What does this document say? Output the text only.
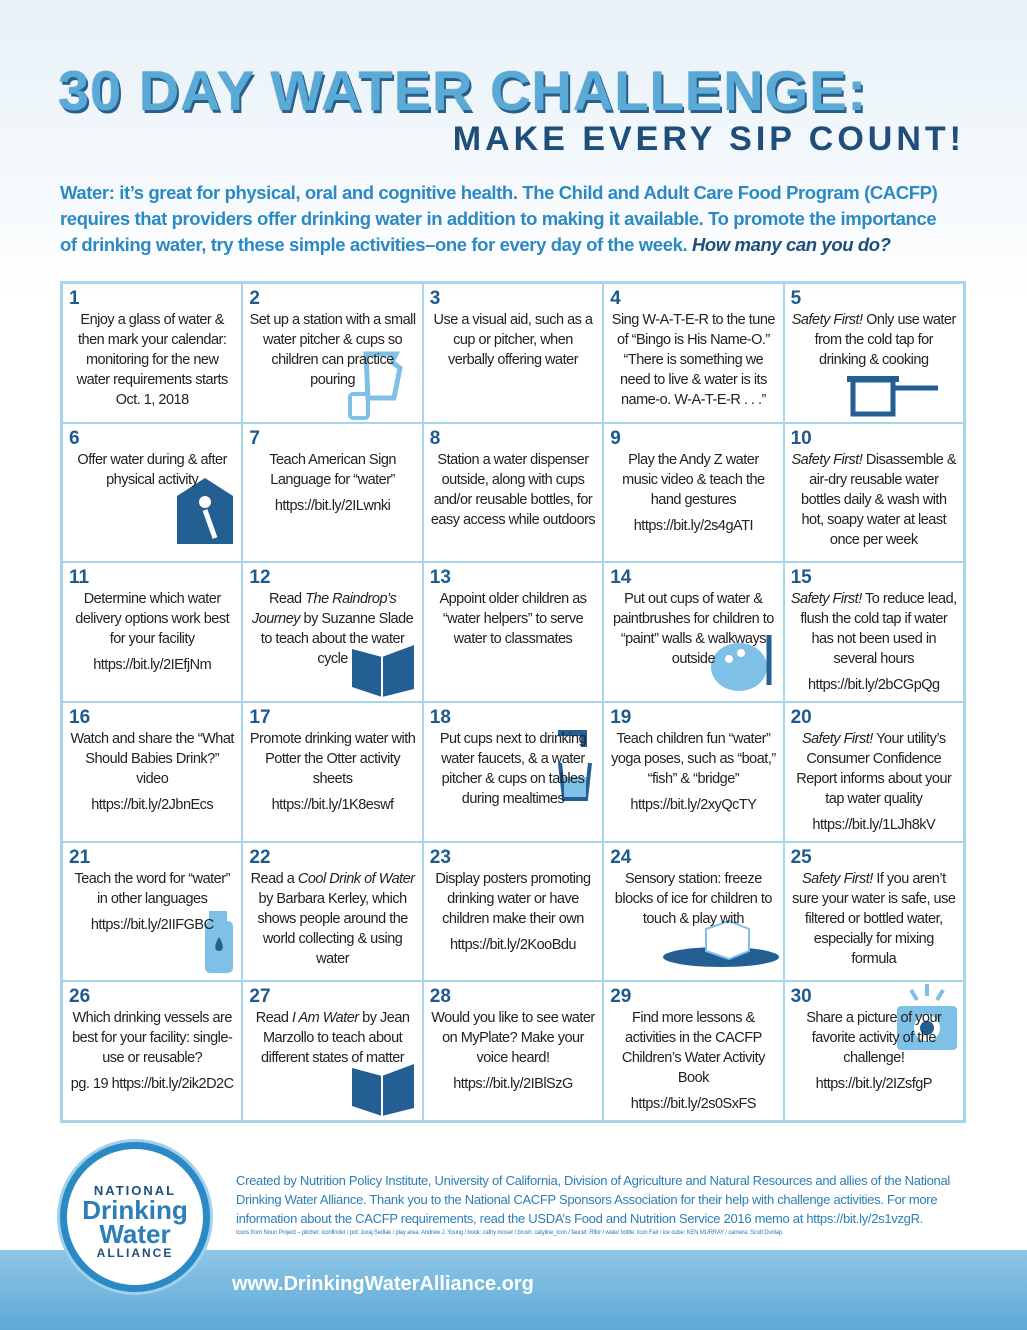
30 DAY WATER CHALLENGE:
MAKE EVERY SIP COUNT!

Water: it’s great for physical, oral and cognitive health. The Child and Adult Care Food Program (CACFP) requires that providers offer drinking water in addition to making it available. To promote the importance of drinking water, try these simple activities–one for every day of the week. How many can you do?

1
Enjoy a glass of water & then mark your calendar: monitoring for the new water requirements starts Oct. 1, 2018
2
Set up a station with a small water pitcher & cups so children can practice pouring
3
Use a visual aid, such as a cup or pitcher, when verbally offering water
4
Sing W-A-T-E-R to the tune of “Bingo is His Name-O.” “There is something we need to live & water is its name-o. W-A-T-E-R . . .”
5
Safety First! Only use water from the cold tap for drinking & cooking
6
Offer water during & after physical activity
7
Teach American Sign Language for “water”
https://bit.ly/2ILwnki
8
Station a water dispenser outside, along with cups and/or reusable bottles, for easy access while outdoors
9
Play the Andy Z water music video & teach the hand gestures
https://bit.ly/2s4gATI
10
Safety First! Disassemble & air-dry reusable water bottles daily & wash with hot, soapy water at least once per week
11
Determine which water delivery options work best for your facility
https://bit.ly/2IEfjNm
12
Read The Raindrop’s Journey by Suzanne Slade to teach about the water cycle
13
Appoint older children as “water helpers” to serve water to classmates
14
Put out cups of water & paintbrushes for children to “paint” walls & walkways outside
15
Safety First! To reduce lead, flush the cold tap if water has not been used in several hours
https://bit.ly/2bCGpQg
16
Watch and share the “What Should Babies Drink?” video
https://bit.ly/2JbnEcs
17
Promote drinking water with Potter the Otter activity sheets
https://bit.ly/1K8eswf
18
Put cups next to drinking water faucets, & a water pitcher & cups on tables during mealtimes
19
Teach children fun “water” yoga poses, such as “boat,” “fish” & “bridge”
https://bit.ly/2xyQcTY
20
Safety First! Your utility’s Consumer Confidence Report informs about your tap water quality
https://bit.ly/1LJh8kV
21
Teach the word for “water” in other languages
https://bit.ly/2IIFGBC
22
Read a Cool Drink of Water by Barbara Kerley, which shows people around the world collecting & using water
23
Display posters promoting drinking water or have children make their own
https://bit.ly/2KooBdu
24
Sensory station: freeze blocks of ice for children to touch & play with
25
Safety First! If you aren’t sure your water is safe, use filtered or bottled water, especially for mixing formula
26
Which drinking vessels are best for your facility: single-use or reusable?
pg. 19 https://bit.ly/2ik2D2C
27
Read I Am Water by Jean Marzollo to teach about different states of matter
28
Would you like to see water on MyPlate? Make your voice heard!
https://bit.ly/2IBlSzG
29
Find more lessons & activities in the CACFP Children’s Water Activity Book
https://bit.ly/2s0SxFS
30
Share a picture of your favorite activity of the challenge!
https://bit.ly/2IZsfgP
NATIONAL
Drinking
Water
ALLIANCE

Created by Nutrition Policy Institute, University of California, Division of Agriculture and Natural Resources and allies of the National Drinking Water Alliance. Thank you to the National CACFP Sponsors Association for their help with challenge activities. For more information about the CACFP requirements, read the USDA’s Food and Nutrition Service 2016 memo at https://bit.ly/2s1vzgR.

Icons from Noun Project – pitcher: iconfinder / pot: Juraj Sedlak / play area: Andrew J. Young / book: cathy moser / brush: catyline_Icon / faucet: Rflor / water bottle: Icon Fair / ice cube: KEN MURRAY / camera: Scott Dunlap

www.DrinkingWaterAlliance.org
